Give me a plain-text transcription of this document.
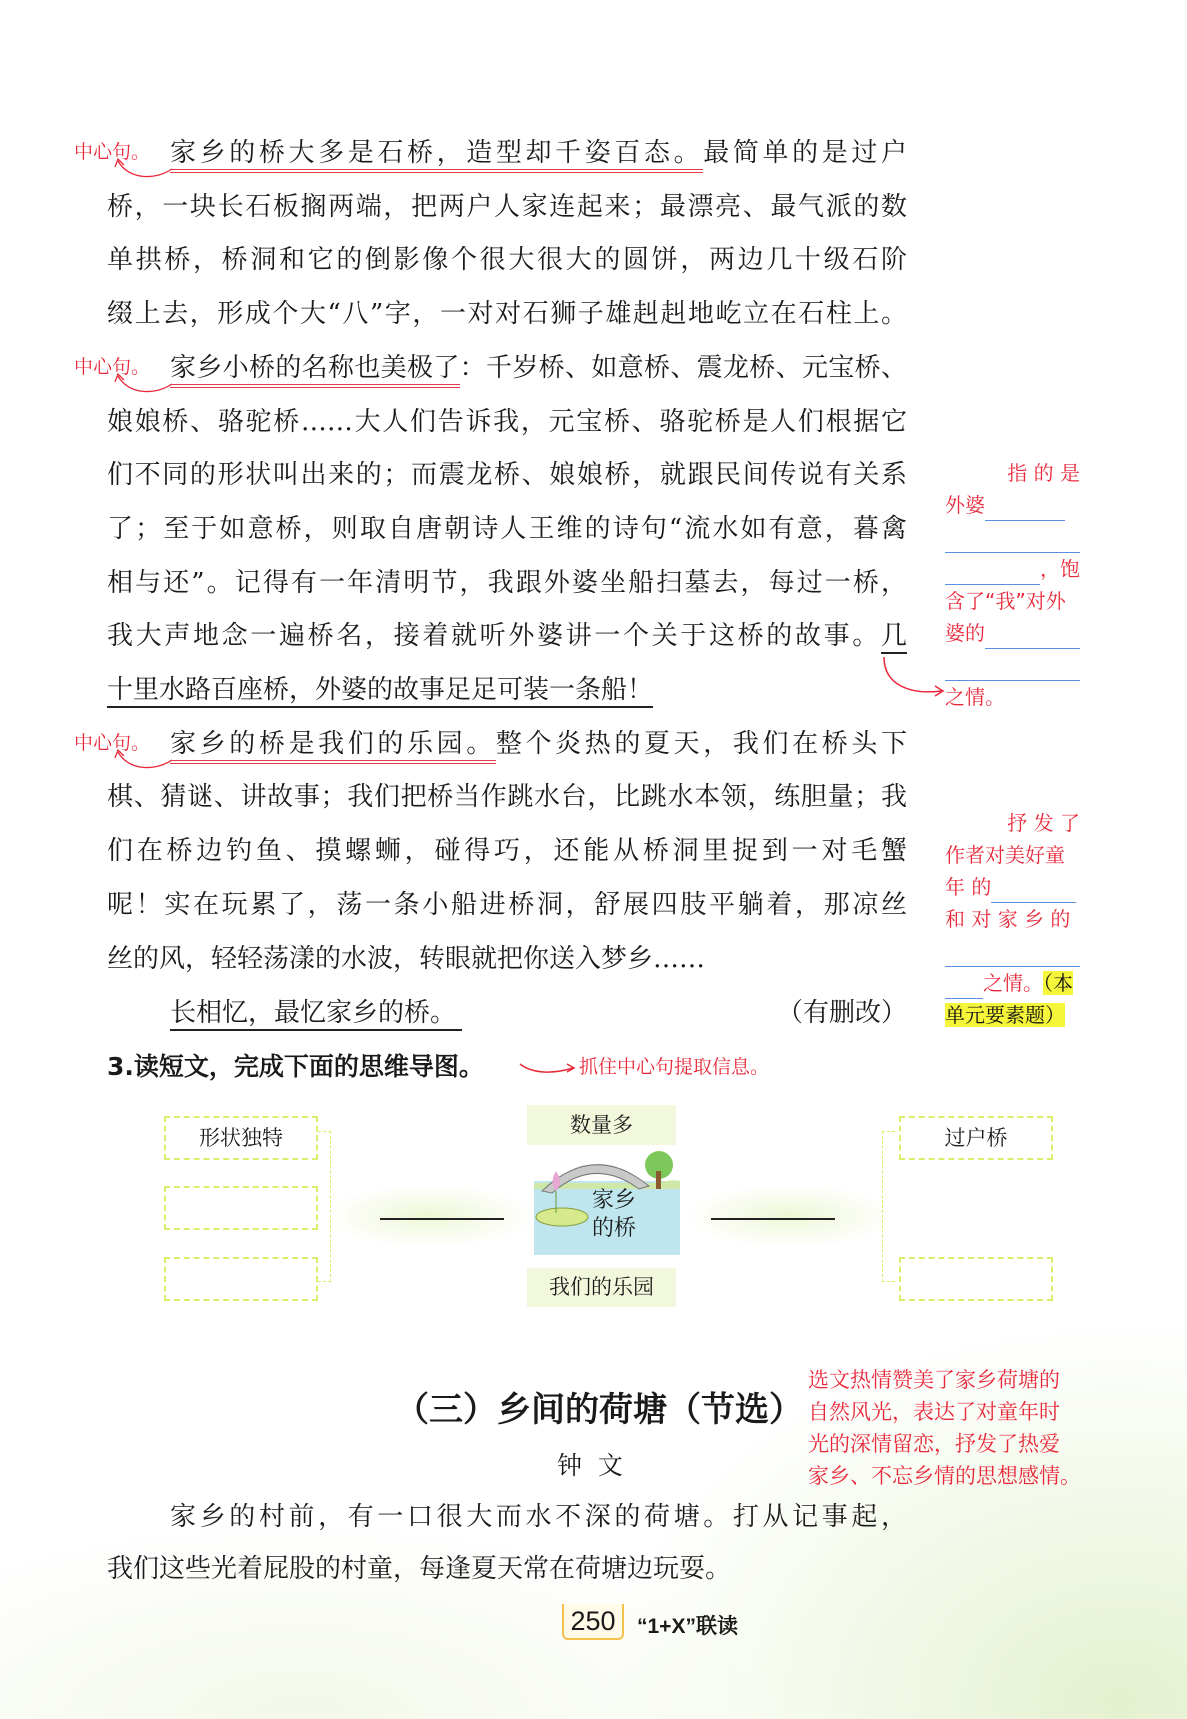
中心句。 家乡的桥大多是石桥，造型却千姿百态。最简单的是过户
桥，一块长石板搁两端，把两户人家连起来；最漂亮、最气派的数
单拱桥，桥洞和它的倒影像个很大很大的圆饼，两边几十级石阶
缀上去，形成个大“八”字，一对对石狮子雄赳赳地屹立在石柱上。
中心句。 家乡小桥的名称也美极了：千岁桥、如意桥、震龙桥、元宝桥、
娘娘桥、骆驼桥……大人们告诉我，元宝桥、骆驼桥是人们根据它
们不同的形状叫出来的；而震龙桥、娘娘桥，就跟民间传说有关系
了；至于如意桥，则取自唐朝诗人王维的诗句“流水如有意，暮禽
相与还”。记得有一年清明节，我跟外婆坐船扫墓去，每过一桥，
我大声地念一遍桥名，接着就听外婆讲一个关于这桥的故事。几
十里水路百座桥，外婆的故事足足可装一条船！
中心句。 家乡的桥是我们的乐园。整个炎热的夏天，我们在桥头下
棋、猜谜、讲故事；我们把桥当作跳水台，比跳水本领，练胆量；我
们在桥边钓鱼、摸螺蛳，碰得巧，还能从桥洞里捉到一对毛蟹
呢！实在玩累了，荡一条小船进桥洞，舒展四肢平躺着，那凉丝
丝的风，轻轻荡漾的水波，转眼就把你送入梦乡……
长相忆，最忆家乡的桥。	（有删改）
指 的 是
外婆
，饱
含了“我”对外
婆的
之情。
抒 发 了
作者对美好童
年 的
和 对 家 乡 的
之情。（本
单元要素题）
3.读短文，完成下面的思维导图。	抓住中心句提取信息。
形状独特
数量多
家乡
的桥
我们的乐园
过户桥
（三）乡间的荷塘（节选）
钟  文
选文热情赞美了家乡荷塘的
自然风光，表达了对童年时
光的深情留恋，抒发了热爱
家乡、不忘乡情的思想感情。
家乡的村前，有一口很大而水不深的荷塘。打从记事起，
我们这些光着屁股的村童，每逢夏天常在荷塘边玩耍。
250	“1+X”联读
